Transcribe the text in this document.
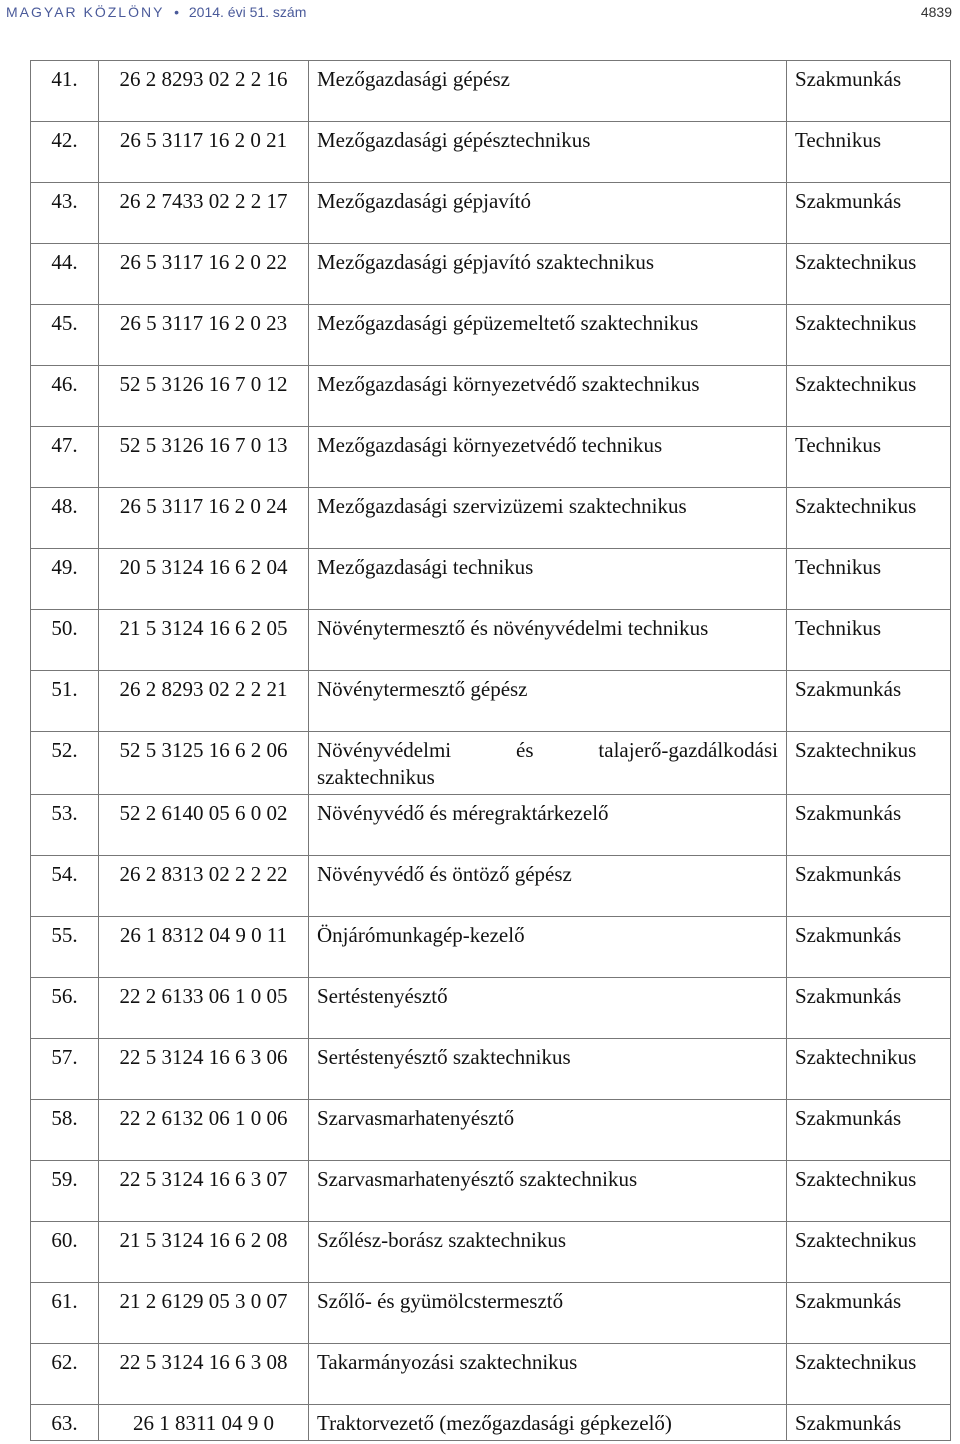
MAGYAR KÖZLÖNY • 2014. évi 51. szám	4839
41.	26 2 8293 02 2 2 16	Mezőgazdasági gépész	Szakmunkás
42.	26 5 3117 16 2 0 21	Mezőgazdasági gépésztechnikus	Technikus
43.	26 2 7433 02 2 2 17	Mezőgazdasági gépjavító	Szakmunkás
44.	26 5 3117 16 2 0 22	Mezőgazdasági gépjavító szaktechnikus	Szaktechnikus
45.	26 5 3117 16 2 0 23	Mezőgazdasági gépüzemeltető szaktechnikus	Szaktechnikus
46.	52 5 3126 16 7 0 12	Mezőgazdasági környezetvédő szaktechnikus	Szaktechnikus
47.	52 5 3126 16 7 0 13	Mezőgazdasági környezetvédő technikus	Technikus
48.	26 5 3117 16 2 0 24	Mezőgazdasági szervizüzemi szaktechnikus	Szaktechnikus
49.	20 5 3124 16 6 2 04	Mezőgazdasági technikus	Technikus
50.	21 5 3124 16 6 2 05	Növénytermesztő és növényvédelmi technikus	Technikus
51.	26 2 8293 02 2 2 21	Növénytermesztő gépész	Szakmunkás
52.	52 5 3125 16 6 2 06	Növényvédelmi és talajerő-gazdálkodási szaktechnikus	Szaktechnikus
53.	52 2 6140 05 6 0 02	Növényvédő és méregraktárkezelő	Szakmunkás
54.	26 2 8313 02 2 2 22	Növényvédő és öntöző gépész	Szakmunkás
55.	26 1 8312 04 9 0 11	Önjárómunkagép-kezelő	Szakmunkás
56.	22 2 6133 06 1 0 05	Sertéstenyésztő	Szakmunkás
57.	22 5 3124 16 6 3 06	Sertéstenyésztő szaktechnikus	Szaktechnikus
58.	22 2 6132 06 1 0 06	Szarvasmarhatenyésztő	Szakmunkás
59.	22 5 3124 16 6 3 07	Szarvasmarhatenyésztő szaktechnikus	Szaktechnikus
60.	21 5 3124 16 6 2 08	Szőlész-borász szaktechnikus	Szaktechnikus
61.	21 2 6129 05 3 0 07	Szőlő- és gyümölcstermesztő	Szakmunkás
62.	22 5 3124 16 6 3 08	Takarmányozási szaktechnikus	Szaktechnikus
63.	26 1 8311 04 9 0	Traktorvezető (mezőgazdasági gépkezelő)	Szakmunkás
